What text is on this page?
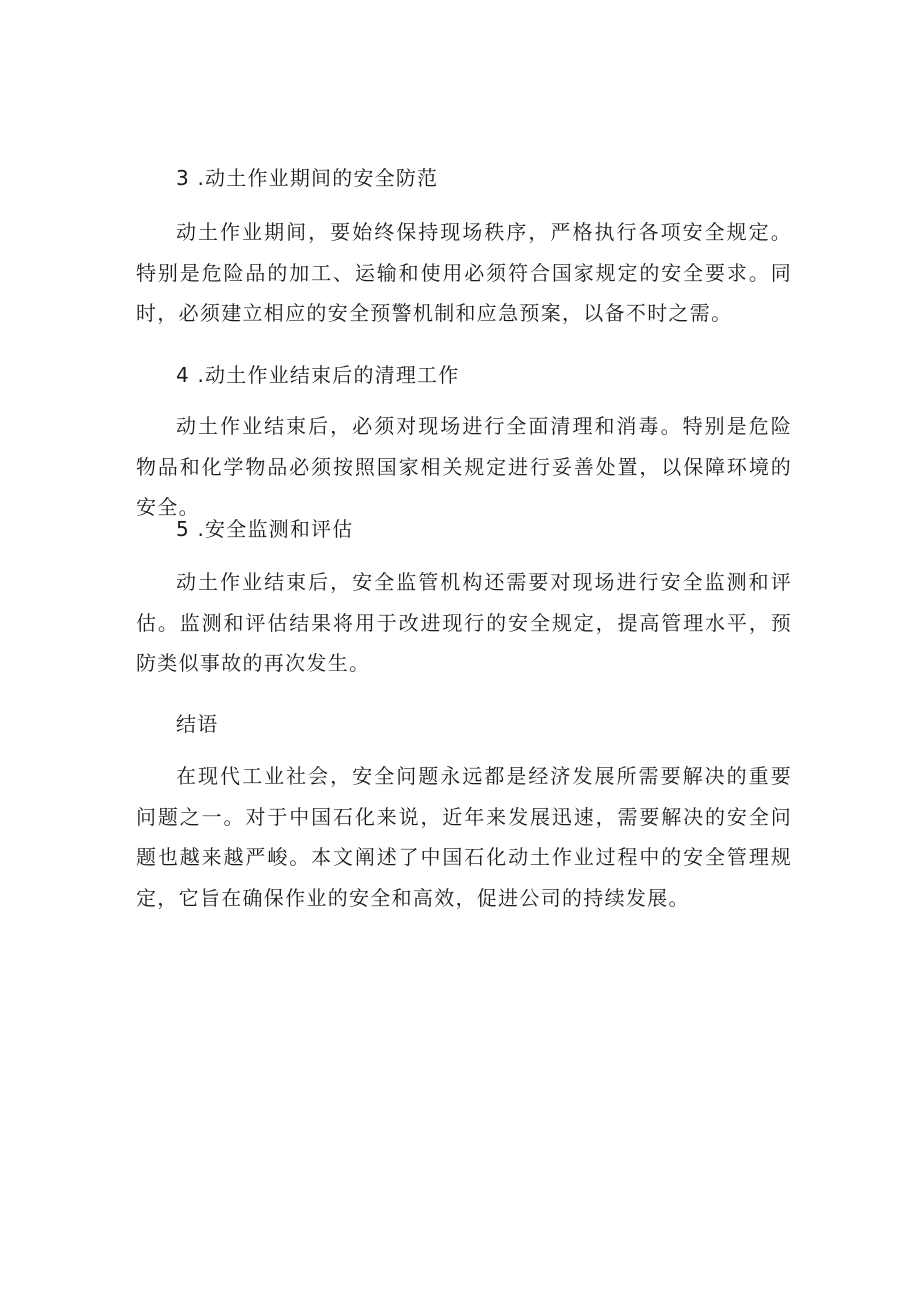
3 .动土作业期间的安全防范

动土作业期间，要始终保持现场秩序，严格执行各项安全规定。特别是危险品的加工、运输和使用必须符合国家规定的安全要求。同时，必须建立相应的安全预警机制和应急预案，以备不时之需。

4 .动土作业结束后的清理工作

动土作业结束后，必须对现场进行全面清理和消毒。特别是危险物品和化学物品必须按照国家相关规定进行妥善处置，以保障环境的安全。

5 .安全监测和评估

动土作业结束后，安全监管机构还需要对现场进行安全监测和评估。监测和评估结果将用于改进现行的安全规定，提高管理水平，预防类似事故的再次发生。

结语

在现代工业社会，安全问题永远都是经济发展所需要解决的重要问题之一。对于中国石化来说，近年来发展迅速，需要解决的安全问题也越来越严峻。本文阐述了中国石化动土作业过程中的安全管理规定，它旨在确保作业的安全和高效，促进公司的持续发展。
